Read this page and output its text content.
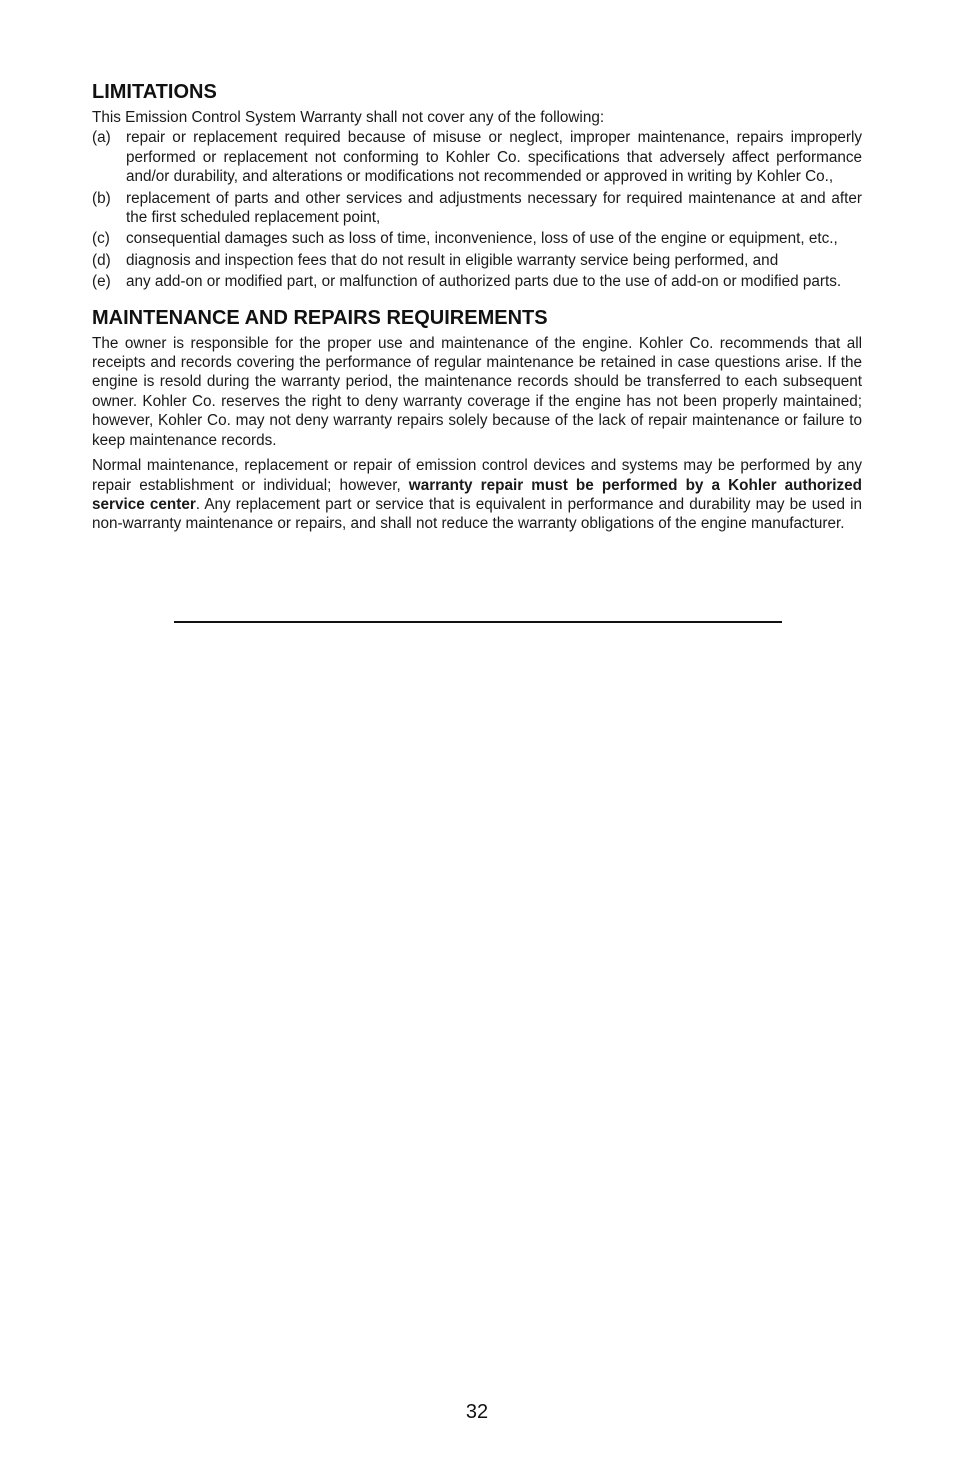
LIMITATIONS

This Emission Control System Warranty shall not cover any of the following:

(a) repair or replacement required because of misuse or neglect, improper maintenance, repairs improperly performed or replacement not conforming to Kohler Co. specifications that adversely affect performance and/or durability, and alterations or modifications not recommended or approved in writing by Kohler Co.,
(b) replacement of parts and other services and adjustments necessary for required maintenance at and after the first scheduled replacement point,
(c) consequential damages such as loss of time, inconvenience, loss of use of the engine or equipment, etc.,
(d) diagnosis and inspection fees that do not result in eligible warranty service being performed, and
(e) any add-on or modified part, or malfunction of authorized parts due to the use of add-on or modified parts.
MAINTENANCE AND REPAIRS REQUIREMENTS

The owner is responsible for the proper use and maintenance of the engine. Kohler Co. recommends that all receipts and records covering the performance of regular maintenance be retained in case questions arise. If the engine is resold during the warranty period, the maintenance records should be transferred to each subsequent owner. Kohler Co. reserves the right to deny warranty coverage if the engine has not been properly maintained; however, Kohler Co. may not deny warranty repairs solely because of the lack of repair maintenance or failure to keep maintenance records.

Normal maintenance, replacement or repair of emission control devices and systems may be performed by any repair establishment or individual; however, warranty repair must be performed by a Kohler authorized service center. Any replacement part or service that is equivalent in performance and durability may be used in non-warranty maintenance or repairs, and shall not reduce the warranty obligations of the engine manufacturer.

32
